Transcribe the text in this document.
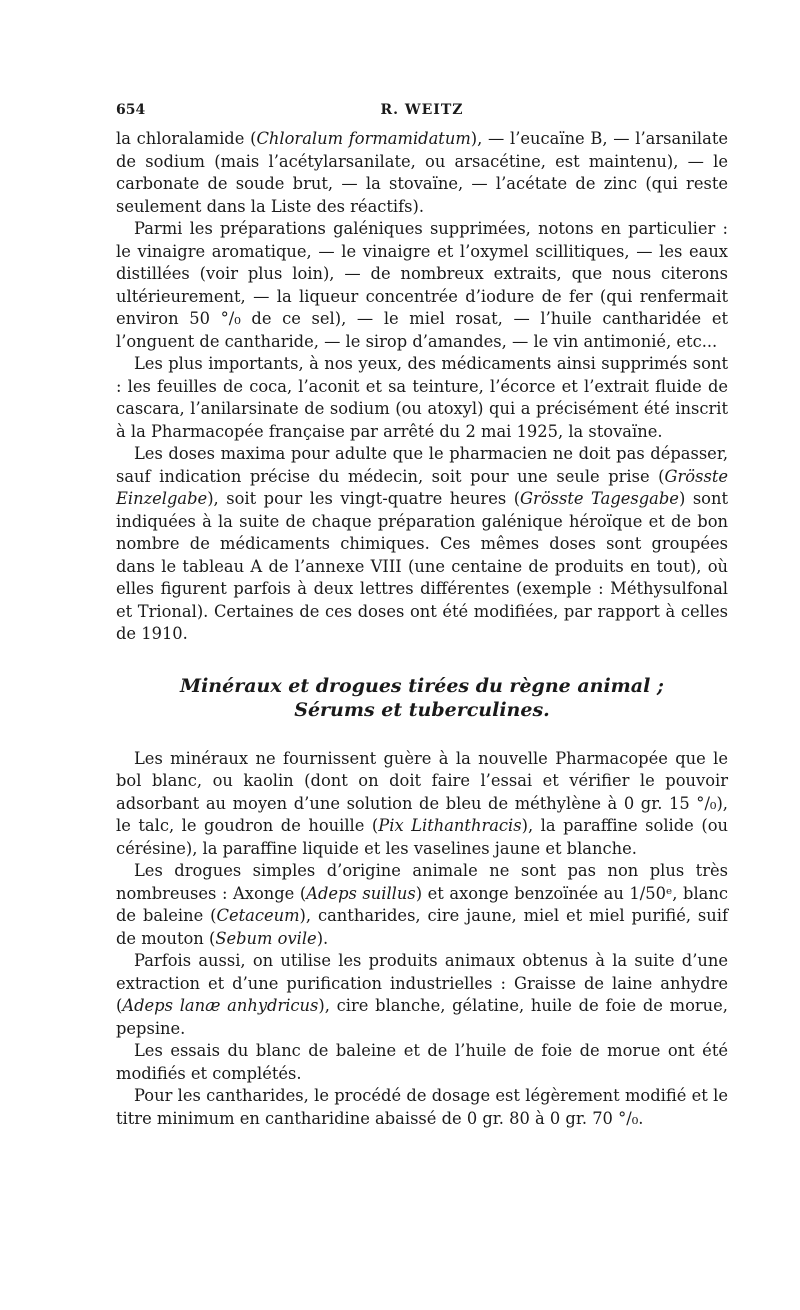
654	R. WEITZ

la chloralamide (Chloralum formamidatum), — l’eucaïne B, — l’arsanilate de sodium (mais l’acétylarsanilate, ou arsacétine, est maintenu), — le carbonate de soude brut, — la stovaïne, — l’acétate de zinc (qui reste seulement dans la Liste des réactifs).

Parmi les préparations galéniques supprimées, notons en particulier : le vinaigre aromatique, — le vinaigre et l’oxymel scillitiques, — les eaux distillées (voir plus loin), — de nombreux extraits, que nous citerons ultérieurement, — la liqueur concentrée d’iodure de fer (qui renfermait environ 50 °/₀ de ce sel), — le miel rosat, — l’huile cantharidée et l’onguent de cantharide, — le sirop d’amandes, — le vin antimonié, etc...

Les plus importants, à nos yeux, des médicaments ainsi supprimés sont : les feuilles de coca, l’aconit et sa teinture, l’écorce et l’extrait fluide de cascara, l’anilarsinate de sodium (ou atoxyl) qui a précisément été inscrit à la Pharmacopée française par arrêté du 2 mai 1925, la stovaïne.

Les doses maxima pour adulte que le pharmacien ne doit pas dépasser, sauf indication précise du médecin, soit pour une seule prise (Grösste Einzelgabe), soit pour les vingt-quatre heures (Grösste Tagesgabe) sont indiquées à la suite de chaque préparation galénique héroïque et de bon nombre de médicaments chimiques. Ces mêmes doses sont groupées dans le tableau A de l’annexe VIII (une centaine de produits en tout), où elles figurent parfois à deux lettres différentes (exemple : Méthysulfonal et Trional). Certaines de ces doses ont été modifiées, par rapport à celles de 1910.

Minéraux et drogues tirées du règne animal ;
Sérums et tuberculines.

Les minéraux ne fournissent guère à la nouvelle Pharmacopée que le bol blanc, ou kaolin (dont on doit faire l’essai et vérifier le pouvoir adsorbant au moyen d’une solution de bleu de méthylène à 0 gr. 15 °/₀), le talc, le goudron de houille (Pix Lithanthracis), la paraffine solide (ou cérésine), la paraffine liquide et les vaselines jaune et blanche.

Les drogues simples d’origine animale ne sont pas non plus très nombreuses : Axonge (Adeps suillus) et axonge benzoïnée au 1/50ᵉ, blanc de baleine (Cetaceum), cantharides, cire jaune, miel et miel purifié, suif de mouton (Sebum ovile).

Parfois aussi, on utilise les produits animaux obtenus à la suite d’une extraction et d’une purification industrielles : Graisse de laine anhydre (Adeps lanæ anhydricus), cire blanche, gélatine, huile de foie de morue, pepsine.

Les essais du blanc de baleine et de l’huile de foie de morue ont été modifiés et complétés.

Pour les cantharides, le procédé de dosage est légèrement modifié et le titre minimum en cantharidine abaissé de 0 gr. 80 à 0 gr. 70 °/₀.
